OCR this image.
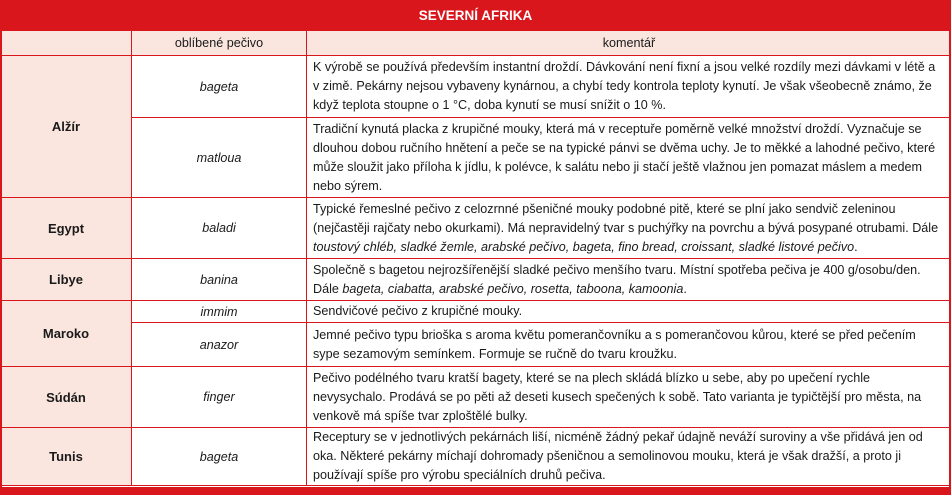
SEVERNÍ AFRIKA
	oblíbené pečivo	komentář
Alžír	bageta	K výrobě se používá především instantní droždí. Dávkování není fixní a jsou velké rozdíly mezi dávkami v létě a v zimě. Pekárny nejsou vybaveny kynárnou, a chybí tedy kontrola teploty kynutí. Je však všeobecně známo, že když teplota stoupne o 1 °C, doba kynutí se musí snížit o 10 %.
	matloua	Tradiční kynutá placka z krupičné mouky, která má v receptuře poměrně velké množství droždí. Vyznačuje se dlouhou dobou ručního hnětení a peče se na typické pánvi se dvěma uchy. Je to měkké a lahodné pečivo, které může sloužit jako příloha k jídlu, k polévce, k salátu nebo ji stačí ještě vlažnou jen pomazat máslem a medem nebo sýrem.
Egypt	baladi	Typické řemeslné pečivo z celozrnné pšeničné mouky podobné pitě, které se plní jako sendvič zeleninou (nejčastěji rajčaty nebo okurkami). Má nepravidelný tvar s puchýřky na povrchu a bývá posypané otrubami. Dále toustový chléb, sladké žemle, arabské pečivo, bageta, fino bread, croissant, sladké listové pečivo.
Libye	banina	Společně s bagetou nejrozšířenější sladké pečivo menšího tvaru. Místní spotřeba pečiva je 400 g/osobu/den. Dále bageta, ciabatta, arabské pečivo, rosetta, taboona, kamoonia.
Maroko	immim	Sendvičové pečivo z krupičné mouky.
	anazor	Jemné pečivo typu brioška s aroma květu pomerančovníku a s pomerančovou kůrou, které se před pečením sype sezamovým semínkem. Formuje se ručně do tvaru kroužku.
Súdán	finger	Pečivo podélného tvaru kratší bagety, které se na plech skládá blízko u sebe, aby po upečení rychle nevysychalo. Prodává se po pěti až deseti kusech spečených k sobě. Tato varianta je typičtější pro města, na venkově má spíše tvar zploštělé bulky.
Tunis	bageta	Receptury se v jednotlivých pekárnách liší, nicméně žádný pekař údajně neváží suroviny a vše přidává jen od oka. Některé pekárny míchají dohromady pšeničnou a semolinovou mouku, která je však dražší, a proto ji používají spíše pro výrobu speciálních druhů pečiva.
